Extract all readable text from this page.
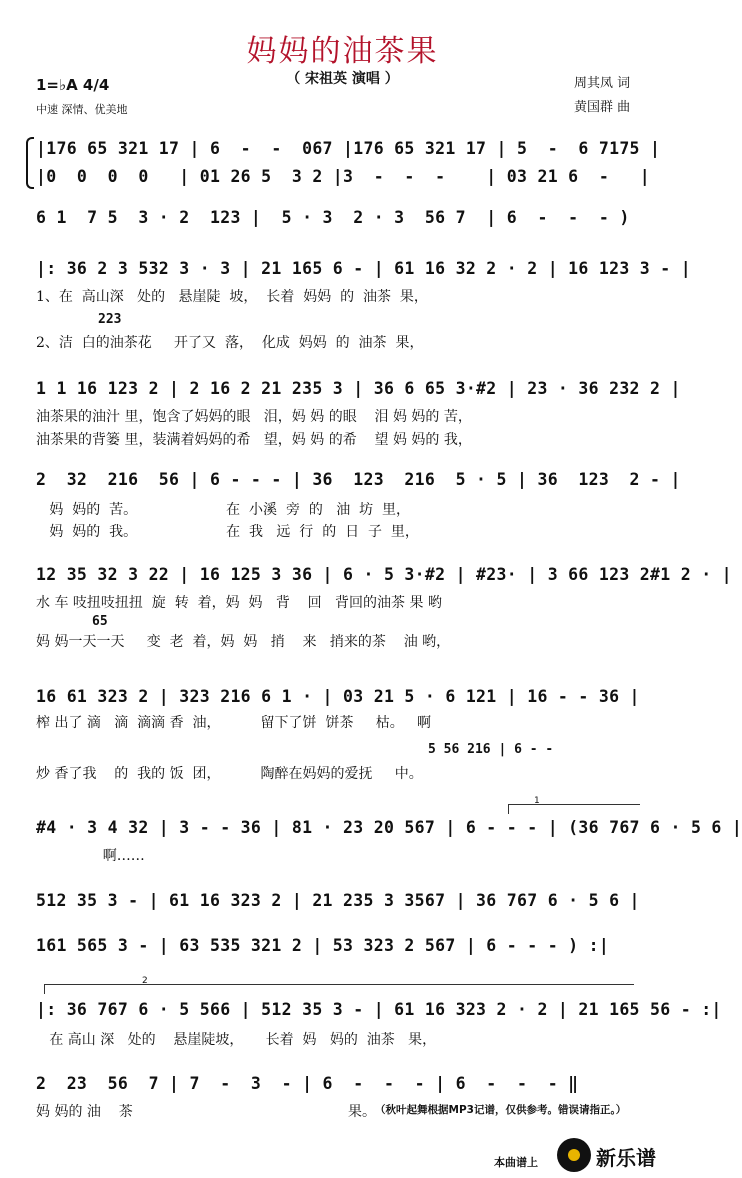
妈妈的油茶果
（ 宋祖英 演唱 ）
1=♭A 4/4
中速 深情、优美地
周其凤 词
黄国群 曲
|176 65 321 17 | 6  -  -  067 |176 65 321 17 | 5  -  6 7175 |
|0  0  0  0   | 01 26 5  3 2 |3  -  -  -    | 03 21 6  -   |
6 1  7 5  3 · 2  123 |  5 · 3  2 · 3  56 7  | 6  -  -  - )
|: 36 2 3 532 3 · 3 | 21 165 6 - | 61 16 32 2 · 2 | 16 123 3 - |
1、在  高山深   处的   悬崖陡  坡，  长着  妈妈  的  油茶  果，
223
2、洁  白的油茶花     开了又  落，  化成  妈妈  的  油茶  果，
1 1 16 123 2 | 2 16 2 21 235 3 | 36 6 65 3·#2 | 23 · 36 232 2 |
油茶果的油汁 里，饱含了妈妈的眼   泪，妈 妈 的眼    泪 妈 妈的 苦，
油茶果的背篓 里，装满着妈妈的希   望，妈 妈 的希    望 妈 妈的 我，
2  32  216  56 | 6 - - - | 36  123  216  5 · 5 | 36  123  2 - |
妈  妈的  苦。                    在  小溪  旁  的   油  坊  里，
妈  妈的  我。                    在  我   远  行  的  日  子  里，
12 35 32 3 22 | 16 125 3 36 | 6 · 5 3·#2 | #23· | 3 66 123 2#1 2 · |
水 车 吱扭吱扭扭  旋  转  着，妈  妈   背    回   背回的油茶 果 哟
65
妈 妈一天一天     变  老  着，妈  妈   捎    来   捎来的茶    油 哟，
16 61 323 2 | 323 216 6 1 · | 03 21 5 · 6 121 | 16 - - 36 |
榨 出了 滴   滴  滴滴 香  油，         留下了饼  饼茶     枯。   啊
5 56 216 | 6 - -
炒 香了我    的  我的 饭  团，         陶醉在妈妈的爱抚     中。
1
#4 · 3 4 32 | 3 - - 36 | 81 · 23 20 567 | 6 - - - | (36 767 6 · 5 6 |
啊……
512 35 3 - | 61 16 323 2 | 21 235 3 3567 | 36 767 6 · 5 6 |
161 565 3 - | 63 535 321 2 | 53 323 2 567 | 6 - - - ) :|
2
|: 36 767 6 · 5 566 | 512 35 3 - | 61 16 323 2 · 2 | 21 165 56 - :|
在 高山 深   处的    悬崖陡坡，     长着  妈   妈的  油茶   果，
2  23  56  7 | 7  -  3  - | 6  -  -  - | 6  -  -  - ‖
妈 妈的 油    茶	果。 （秋叶起舞根据MP3记谱，仅供参考。错误请指正。）
本曲谱上	新乐谱
